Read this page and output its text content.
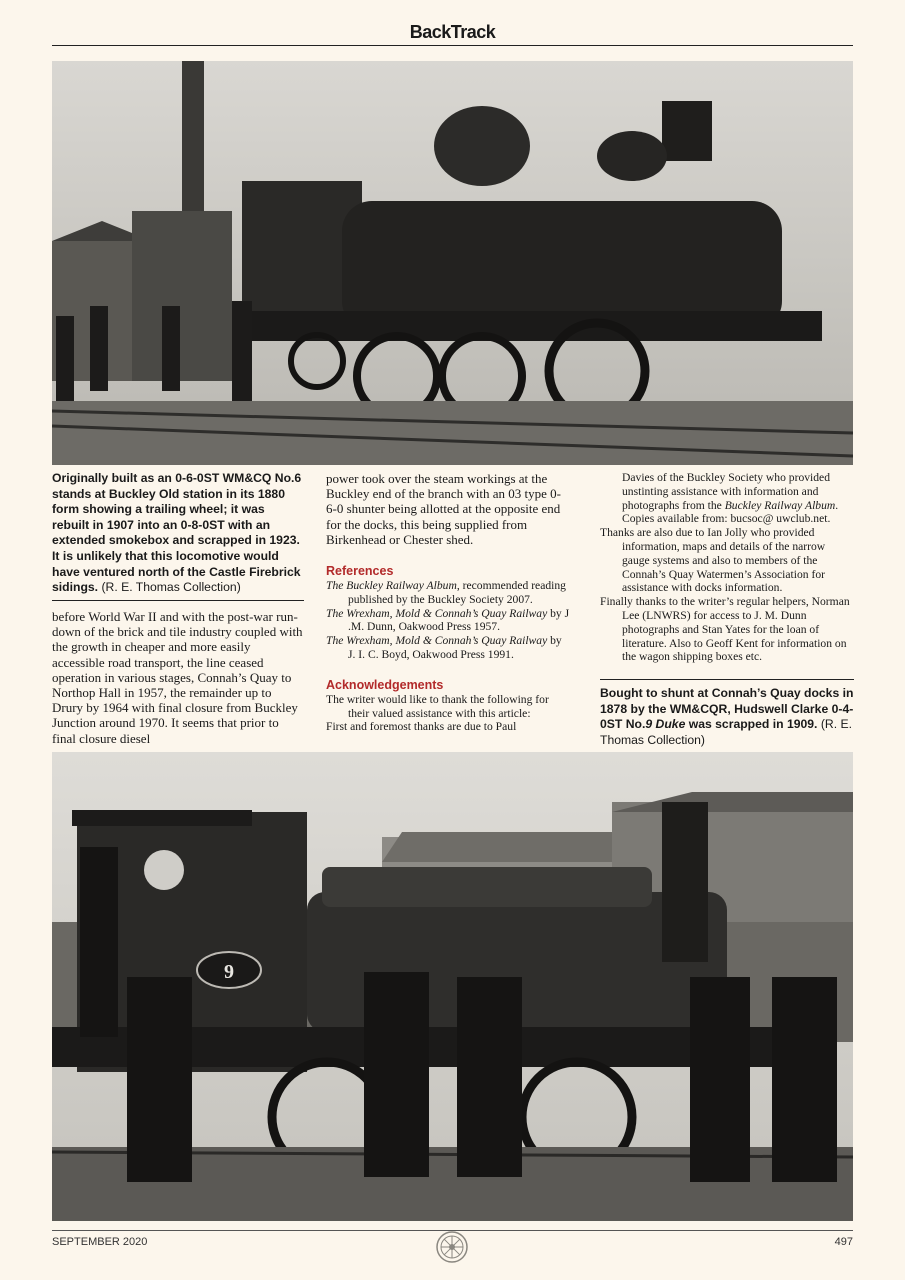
BackTrack
Originally built as an 0-6-0ST WM&CQ No.6 stands at Buckley Old station in its 1880 form showing a trailing wheel; it was rebuilt in 1907 into an 0-8-0ST with an extended smokebox and scrapped in 1923. It is unlikely that this locomotive would have ventured north of the Castle Firebrick sidings. (R. E. Thomas Collection)
before World War II and with the post-war run-down of the brick and tile industry coupled with the growth in cheaper and more easily accessible road transport, the line ceased operation in various stages, Connah’s Quay to Northop Hall in 1957, the remainder up to Drury by 1964 with final closure from Buckley Junction around 1970. It seems that prior to final closure diesel

power took over the steam workings at the Buckley end of the branch with an 03 type 0-6-0 shunter being allotted at the opposite end for the docks, this being supplied from Birkenhead or Chester shed.

References

The Buckley Railway Album, recommended reading published by the Buckley Society 2007.

The Wrexham, Mold & Connah’s Quay Railway by J .M. Dunn, Oakwood Press 1957.

The Wrexham, Mold & Connah’s Quay Railway by J. I. C. Boyd, Oakwood Press 1991.

Acknowledgements

The writer would like to thank the following for their valued assistance with this article:

First and foremost thanks are due to Paul

Davies of the Buckley Society who provided unstinting assistance with information and photographs from the Buckley Railway Album. Copies available from: bucsoc@ uwclub.net.

Thanks are also due to Ian Jolly who provided information, maps and details of the narrow gauge systems and also to members of the Connah’s Quay Watermen’s Association for assistance with docks information.

Finally thanks to the writer’s regular helpers, Norman Lee (LNWRS) for access to J. M. Dunn photographs and Stan Yates for the loan of literature. Also to Geoff Kent for information on the wagon shipping boxes etc.

Bought to shunt at Connah’s Quay docks in 1878 by the WM&CQR, Hudswell Clarke 0-4-0ST No.9 Duke was scrapped in 1909. (R. E. Thomas Collection)
9
SEPTEMBER 2020	497
